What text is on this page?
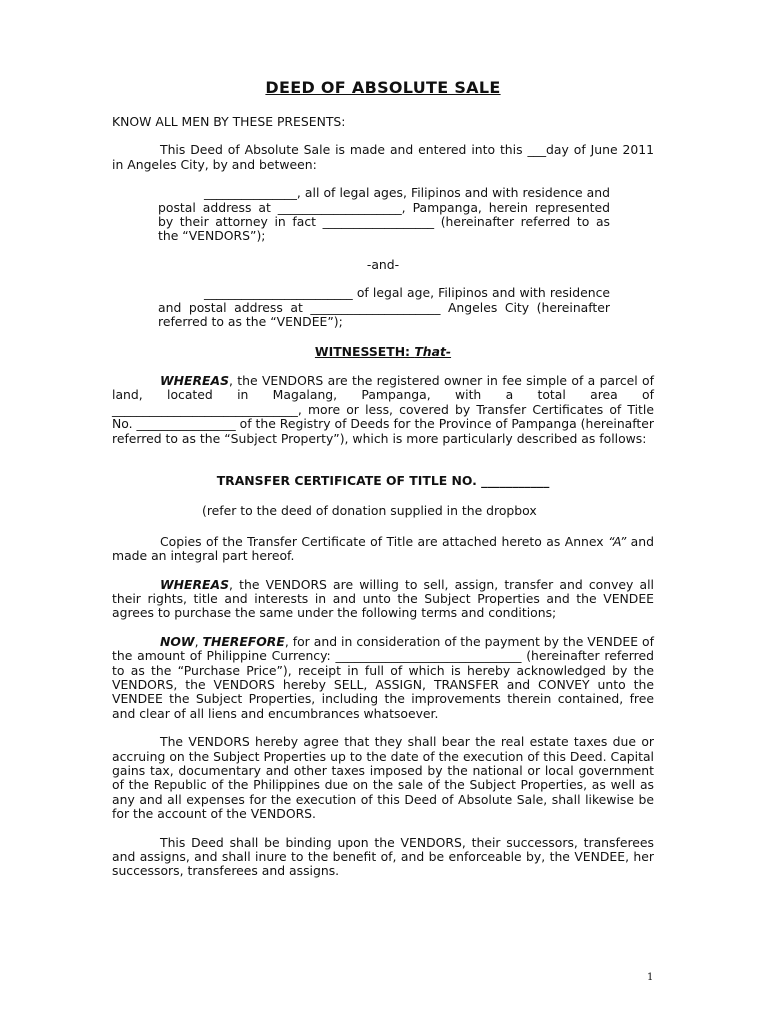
DEED OF ABSOLUTE SALE

KNOW ALL MEN BY THESE PRESENTS:

This Deed of Absolute Sale is made and entered into this ___day of June 2011 in Angeles City, by and between:

_______________, all of legal ages, Filipinos and with residence and postal address at ____________________, Pampanga, herein represented by their attorney in fact __________________ (hereinafter referred to as the “VENDORS”);

-and-

________________________ of legal age, Filipinos and with residence and postal address at _____________________ Angeles City (hereinafter referred to as the “VENDEE”);

WITNESSETH: That-

WHEREAS, the VENDORS are the registered owner in fee simple of a parcel of land, located in Magalang, Pampanga, with a total area of ______________________________, more or less, covered by Transfer Certificates of Title No. ________________ of the Registry of Deeds for the Province of Pampanga (hereinafter referred to as the “Subject Property”), which is more particularly described as follows:

TRANSFER CERTIFICATE OF TITLE NO. ___________

(refer to the deed of donation supplied in the dropbox

Copies of the Transfer Certificate of Title are attached hereto as Annex “A” and made an integral part hereof.

WHEREAS, the VENDORS are willing to sell, assign, transfer and convey all their rights, title and interests in and unto the Subject Properties and the VENDEE agrees to purchase the same under the following terms and conditions;

NOW, THEREFORE, for and in consideration of the payment by the VENDEE of the amount of Philippine Currency: ______________________________ (hereinafter referred to as the “Purchase Price”), receipt in full of which is hereby acknowledged by the VENDORS, the VENDORS hereby SELL, ASSIGN, TRANSFER and CONVEY unto the VENDEE the Subject Properties, including the improvements therein contained, free and clear of all liens and encumbrances whatsoever.

The VENDORS hereby agree that they shall bear the real estate taxes due or accruing on the Subject Properties up to the date of the execution of this Deed. Capital gains tax, documentary and other taxes imposed by the national or local government of the Republic of the Philippines due on the sale of the Subject Properties, as well as any and all expenses for the execution of this Deed of Absolute Sale, shall likewise be for the account of the VENDORS.

This Deed shall be binding upon the VENDORS, their successors, transferees and assigns, and shall inure to the benefit of, and be enforceable by, the VENDEE, her successors, transferees and assigns.

1
